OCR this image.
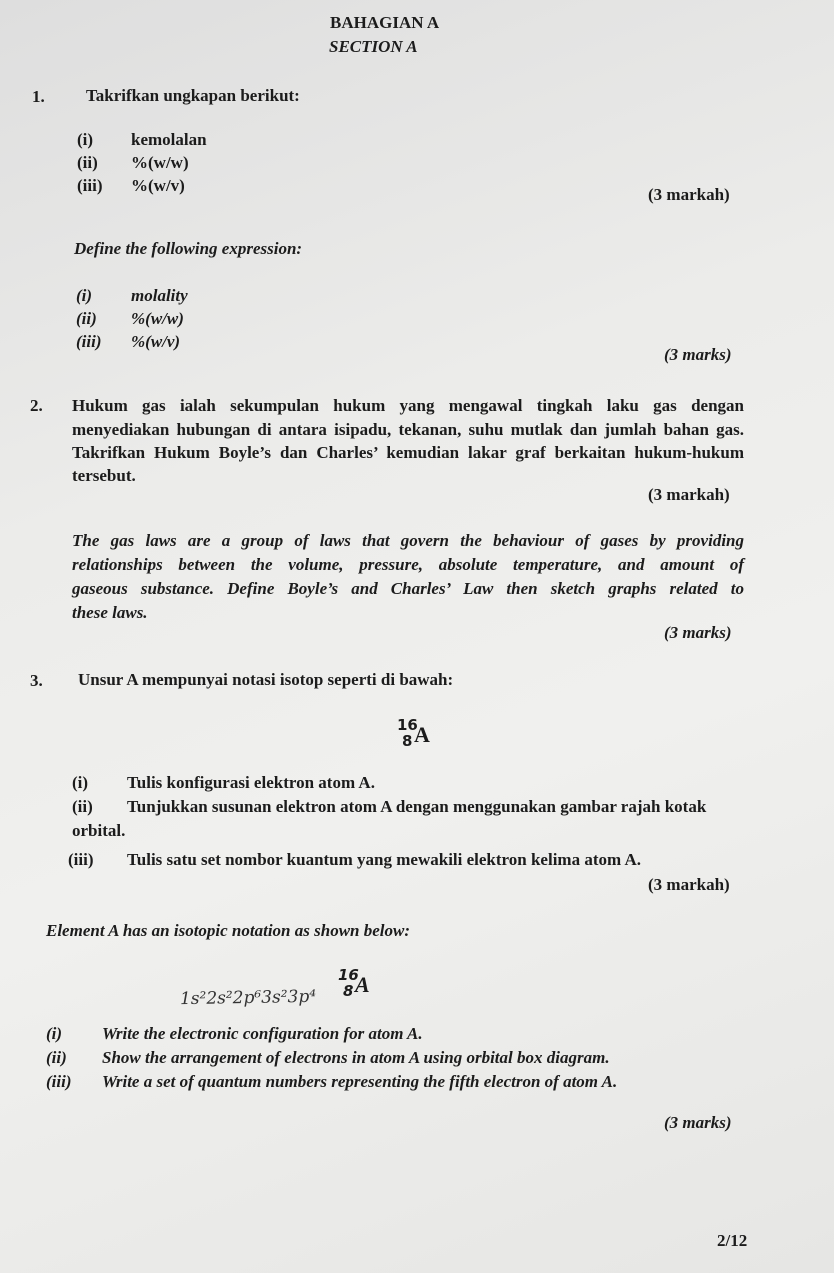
BAHAGIAN A
SECTION A
1. Takrifkan ungkapan berikut:
(i) kemolalan
(ii) %(w/w)
(iii) %(w/v)	(3 markah)
Define the following expression:
(i) molality
(ii) %(w/w)
(iii) %(w/v)
(3 marks)
2. Hukum gas ialah sekumpulan hukum yang mengawal tingkah laku gas dengan
menyediakan hubungan di antara isipadu, tekanan, suhu mutlak dan jumlah bahan gas.
Takrifkan Hukum Boyle’s dan Charles’ kemudian lakar graf berkaitan hukum-hukum
tersebut.
(3 markah)
The gas laws are a group of laws that govern the behaviour of gases by providing
relationships between the volume, pressure, absolute temperature, and amount of
gaseous substance. Define Boyle’s and Charles’ Law then sketch graphs related to
these laws.
(3 marks)
3. Unsur A mempunyai notasi isotop seperti di bawah:
16
8 A
(i) Tulis konfigurasi elektron atom A.
(ii) Tunjukkan susunan elektron atom A dengan menggunakan gambar rajah kotak
orbital.
(iii) Tulis satu set nombor kuantum yang mewakili elektron kelima atom A.
(3 markah)
Element A has an isotopic notation as shown below:
16
8 A
1s²2s²2p⁶3s²3p⁴
(i) Write the electronic configuration for atom A.
(ii) Show the arrangement of electrons in atom A using orbital box diagram.
(iii) Write a set of quantum numbers representing the fifth electron of atom A.
(3 marks)
2/12
